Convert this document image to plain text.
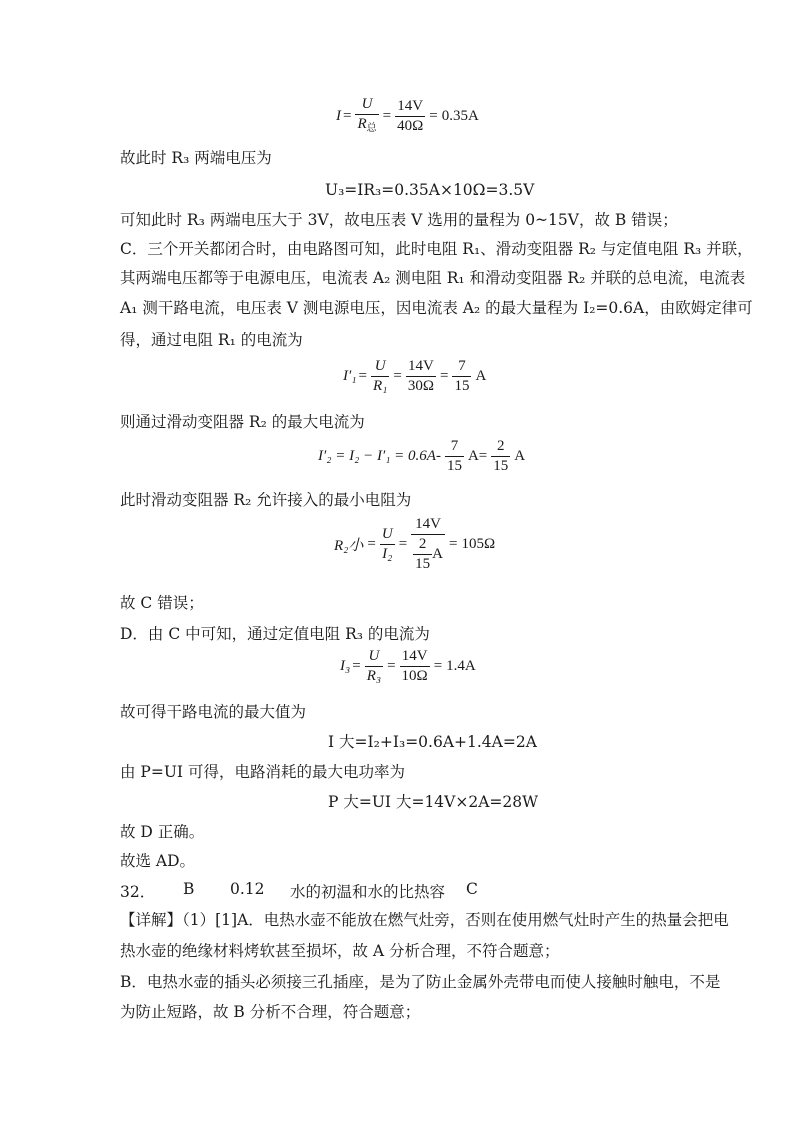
$I = \frac{U}{R_总} = \frac{14V}{40\Omega} = 0.35A$
故此时 R₃ 两端电压为
U₃=IR₃=0.35A×10Ω=3.5V
可知此时 R₃ 两端电压大于 3V，故电压表 V 选用的量程为 0~15V，故 B 错误；
C．三个开关都闭合时，由电路图可知，此时电阻 R₁、滑动变阻器 R₂ 与定值电阻 R₃ 并联，
其两端电压都等于电源电压，电流表 A₂ 测电阻 R₁ 和滑动变阻器 R₂ 并联的总电流，电流表
A₁ 测干路电流，电压表 V 测电源电压，因电流表 A₂ 的最大量程为 I₂=0.6A，由欧姆定律可
得，通过电阻 R₁ 的电流为
$I'_1 = \frac{U}{\text{R₁}} = \frac{14V}{30\Omega} = \frac{7}{15}$ A
则通过滑动变阻器 R₂ 的最大电流为
$I'_2 = I_2 - I'_1 = 0.6A- \frac{7}{15} A= \frac{2}{15}$ A
此时滑动变阻器 R₂ 允许接入的最小电阻为
R₂小 = $\frac{U}{\text{I₂}} = \frac{14V}{\frac{2}{15} A} = 105\Omega$
故 C 错误；
D．由 C 中可知，通过定值电阻 R₃ 的电流为
$I_3 = \frac{U}{\text{R₃}} = \frac{14V}{10\Omega} = 1.4A$
故可得干路电流的最大值为
I 大=I₂+I₃=0.6A+1.4A=2A
由 P=UI 可得，电路消耗的最大电功率为
P 大=UI 大=14V×2A=28W
故 D 正确。
故选 AD。
32． B 0.12 水的初温和水的比热容 C
【详解】（1）[1]A．电热水壶不能放在燃气灶旁，否则在使用燃气灶时产生的热量会把电
热水壶的绝缘材料烤软甚至损坏，故 A 分析合理，不符合题意；
B．电热水壶的插头必须接三孔插座，是为了防止金属外壳带电而使人接触时触电，不是
为防止短路，故 B 分析不合理，符合题意；
